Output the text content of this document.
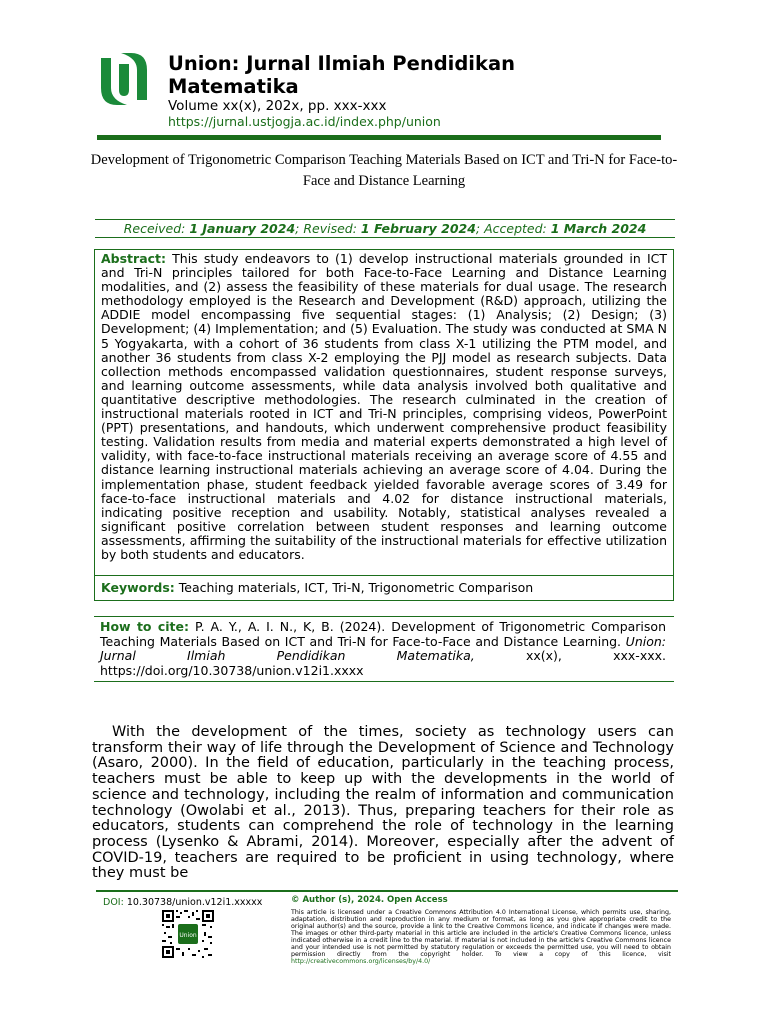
Union: Jurnal Ilmiah Pendidikan Matematika
Volume xx(x), 202x, pp. xxx-xxx
https://jurnal.ustjogja.ac.id/index.php/union
Development of Trigonometric Comparison Teaching Materials Based on ICT and Tri-N for Face-to-Face and Distance Learning
Received: 1 January 2024; Revised: 1 February 2024; Accepted: 1 March 2024
Abstract: This study endeavors to (1) develop instructional materials grounded in ICT and Tri-N principles tailored for both Face-to-Face Learning and Distance Learning modalities, and (2) assess the feasibility of these materials for dual usage. The research methodology employed is the Research and Development (R&D) approach, utilizing the ADDIE model encompassing five sequential stages: (1) Analysis; (2) Design; (3) Development; (4) Implementation; and (5) Evaluation. The study was conducted at SMA N 5 Yogyakarta, with a cohort of 36 students from class X-1 utilizing the PTM model, and another 36 students from class X-2 employing the PJJ model as research subjects. Data collection methods encompassed validation questionnaires, student response surveys, and learning outcome assessments, while data analysis involved both qualitative and quantitative descriptive methodologies. The research culminated in the creation of instructional materials rooted in ICT and Tri-N principles, comprising videos, PowerPoint (PPT) presentations, and handouts, which underwent comprehensive product feasibility testing. Validation results from media and material experts demonstrated a high level of validity, with face-to-face instructional materials receiving an average score of 4.55 and distance learning instructional materials achieving an average score of 4.04. During the implementation phase, student feedback yielded favorable average scores of 3.49 for face-to-face instructional materials and 4.02 for distance instructional materials, indicating positive reception and usability. Notably, statistical analyses revealed a significant positive correlation between student responses and learning outcome assessments, affirming the suitability of the instructional materials for effective utilization by both students and educators.
Keywords: Teaching materials, ICT, Tri-N, Trigonometric Comparison
How to cite: P. A. Y., A. I. N., K, B. (2024). Development of Trigonometric Comparison Teaching Materials Based on ICT and Tri-N for Face-to-Face and Distance Learning. Union: Jurnal Ilmiah Pendidikan Matematika, xx(x), xxx-xxx. https://doi.org/10.30738/union.v12i1.xxxx
With the development of the times, society as technology users can transform their way of life through the Development of Science and Technology (Asaro, 2000). In the field of education, particularly in the teaching process, teachers must be able to keep up with the developments in the world of science and technology, including the realm of information and communication technology (Owolabi et al., 2013). Thus, preparing teachers for their role as educators, students can comprehend the role of technology in the learning process (Lysenko & Abrami, 2014). Moreover, especially after the advent of COVID-19, teachers are required to be proficient in using technology, where they must be
DOI: 10.30738/union.v12i1.xxxxx
Union
© Author (s), 2024. Open Access
This article is licensed under a Creative Commons Attribution 4.0 International License, which permits use, sharing, adaptation, distribution and reproduction in any medium or format, as long as you give appropriate credit to the original author(s) and the source, provide a link to the Creative Commons licence, and indicate if changes were made. The images or other third-party material in this article are included in the article's Creative Commons licence, unless indicated otherwise in a credit line to the material. If material is not included in the article's Creative Commons licence and your intended use is not permitted by statutory regulation or exceeds the permitted use, you will need to obtain permission directly from the copyright holder. To view a copy of this licence, visit http://creativecommons.org/licenses/by/4.0/
